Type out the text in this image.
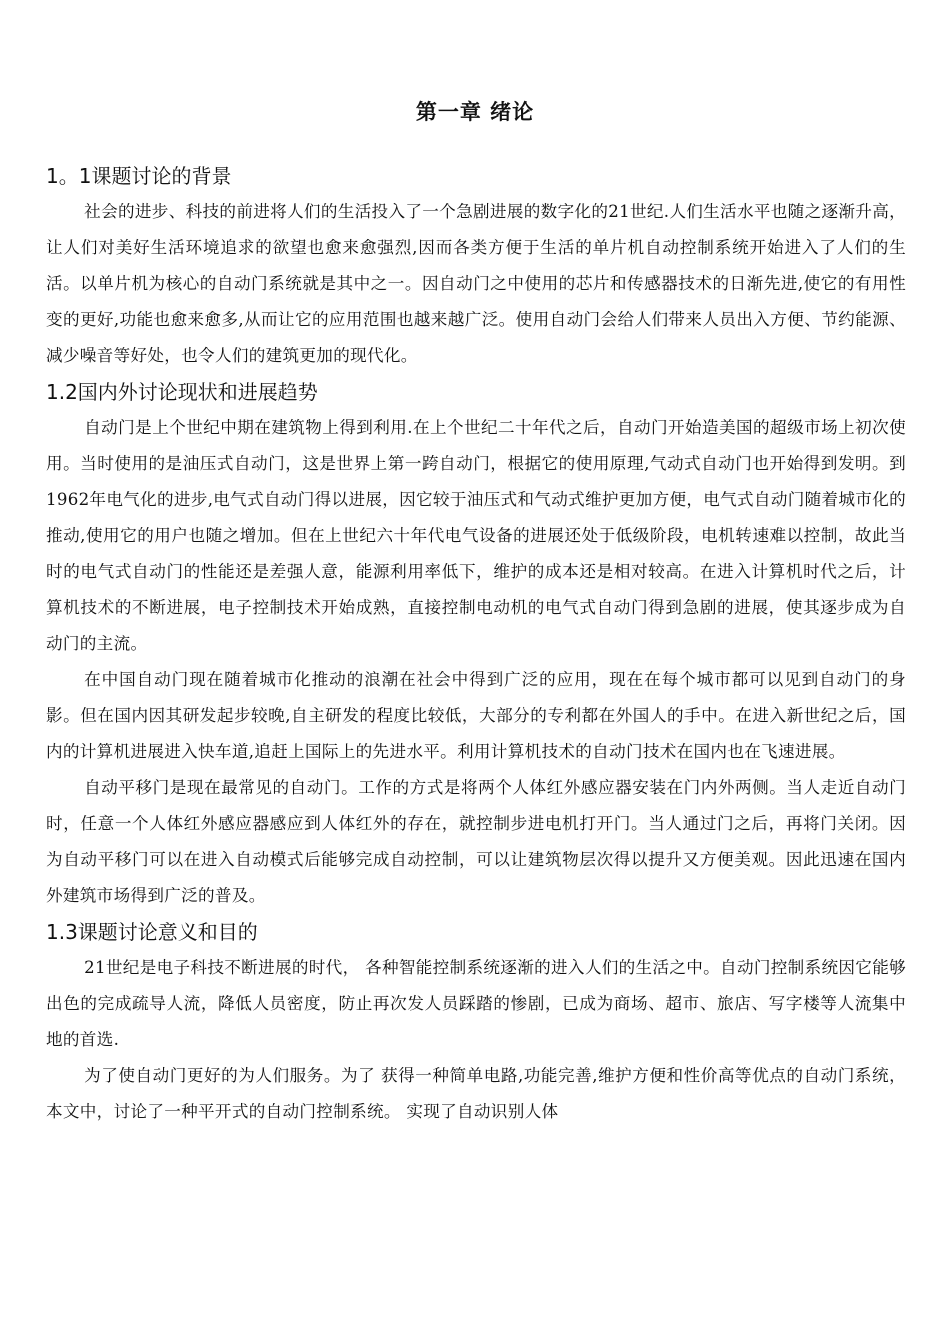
第一章 绪论
1。1课题讨论的背景

社会的进步、科技的前进将人们的生活投入了一个急剧进展的数字化的21世纪.人们生活水平也随之逐渐升高，让人们对美好生活环境追求的欲望也愈来愈强烈,因而各类方便于生活的单片机自动控制系统开始进入了人们的生活。以单片机为核心的自动门系统就是其中之一。因自动门之中使用的芯片和传感器技术的日渐先进,使它的有用性变的更好,功能也愈来愈多,从而让它的应用范围也越来越广泛。使用自动门会给人们带来人员出入方便、节约能源、减少噪音等好处，也令人们的建筑更加的现代化。

1.2国内外讨论现状和进展趋势

自动门是上个世纪中期在建筑物上得到利用.在上个世纪二十年代之后，自动门开始造美国的超级市场上初次使用。当时使用的是油压式自动门，这是世界上第一跨自动门，根据它的使用原理,气动式自动门也开始得到发明。到1962年电气化的进步,电气式自动门得以进展，因它较于油压式和气动式维护更加方便，电气式自动门随着城市化的推动,使用它的用户也随之增加。但在上世纪六十年代电气设备的进展还处于低级阶段，电机转速难以控制，故此当时的电气式自动门的性能还是差强人意，能源利用率低下，维护的成本还是相对较高。在进入计算机时代之后，计算机技术的不断进展，电子控制技术开始成熟，直接控制电动机的电气式自动门得到急剧的进展，使其逐步成为自动门的主流。

在中国自动门现在随着城市化推动的浪潮在社会中得到广泛的应用，现在在每个城市都可以见到自动门的身影。但在国内因其研发起步较晚,自主研发的程度比较低，大部分的专利都在外国人的手中。在进入新世纪之后，国内的计算机进展进入快车道,追赶上国际上的先进水平。利用计算机技术的自动门技术在国内也在飞速进展。

自动平移门是现在最常见的自动门。工作的方式是将两个人体红外感应器安装在门内外两侧。当人走近自动门时，任意一个人体红外感应器感应到人体红外的存在，就控制步进电机打开门。当人通过门之后，再将门关闭。因为自动平移门可以在进入自动模式后能够完成自动控制，可以让建筑物层次得以提升又方便美观。因此迅速在国内外建筑市场得到广泛的普及。

1.3课题讨论意义和目的

21世纪是电子科技不断进展的时代， 各种智能控制系统逐渐的进入人们的生活之中。自动门控制系统因它能够出色的完成疏导人流，降低人员密度，防止再次发人员踩踏的惨剧，已成为商场、超市、旅店、写字楼等人流集中地的首选.

为了使自动门更好的为人们服务。为了 获得一种简单电路,功能完善,维护方便和性价高等优点的自动门系统，本文中，讨论了一种平开式的自动门控制系统。 实现了自动识别人体
